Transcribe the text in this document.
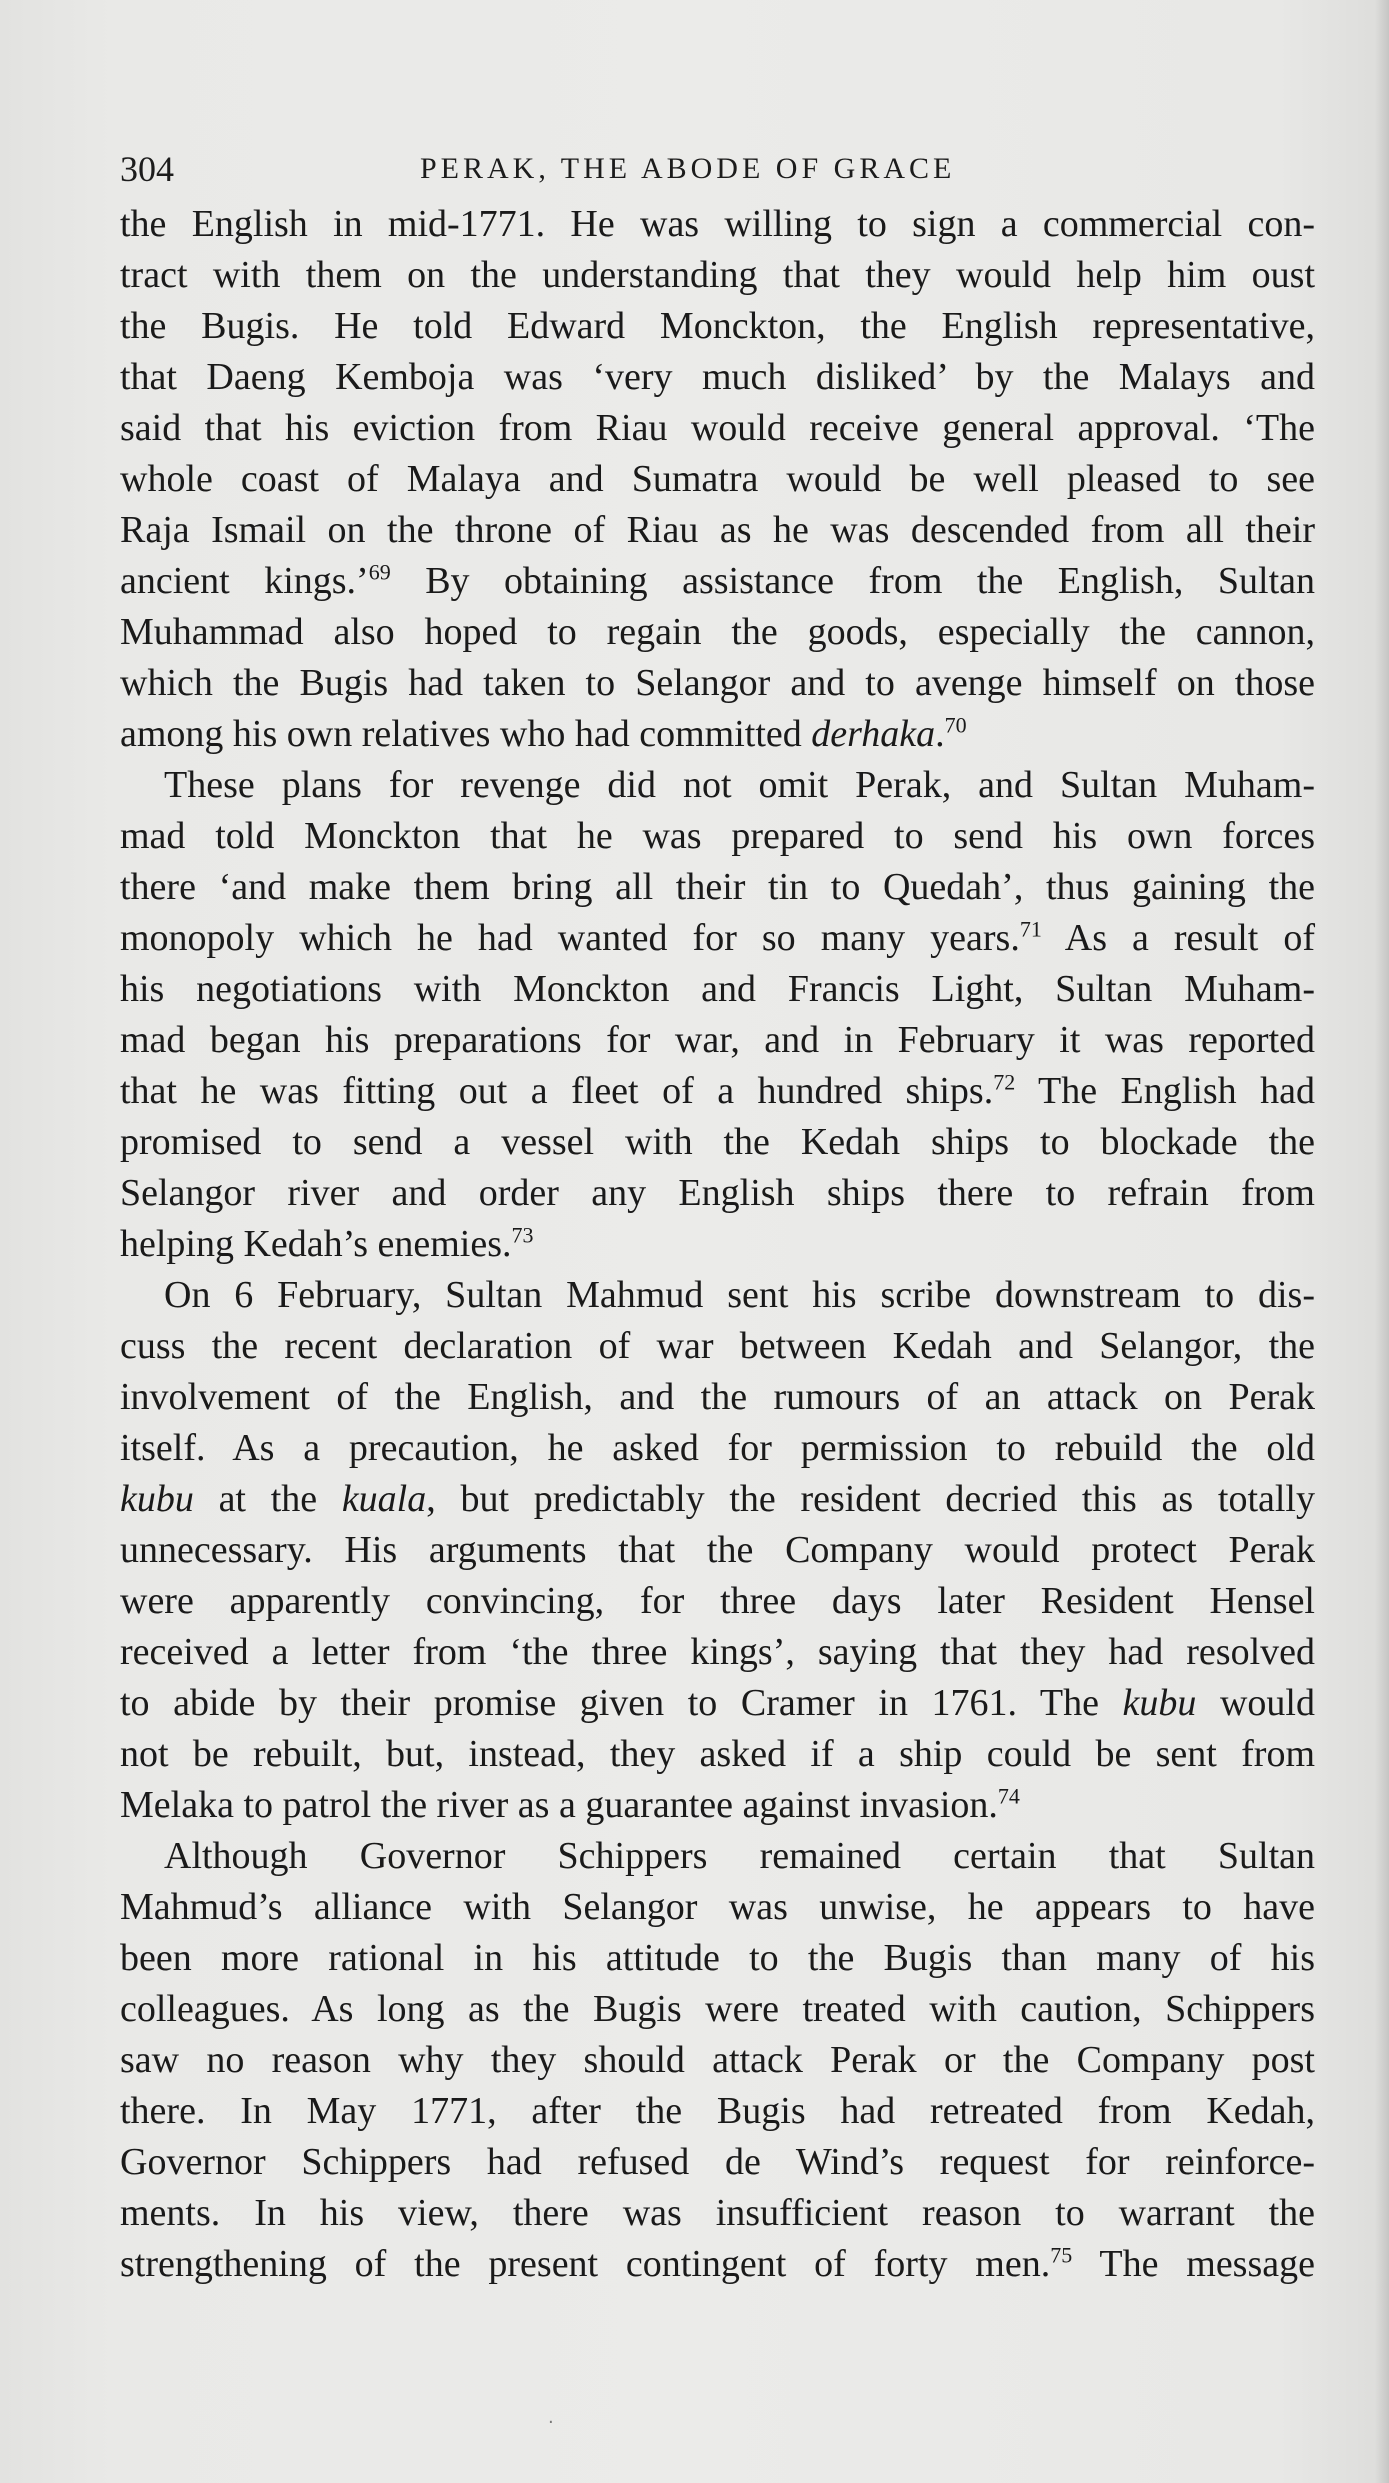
304	PERAK, THE ABODE OF GRACE
the English in mid-1771. He was willing to sign a commercial con-
tract with them on the understanding that they would help him oust
the Bugis. He told Edward Monckton, the English representative,
that Daeng Kemboja was ‘very much disliked’ by the Malays and
said that his eviction from Riau would receive general approval. ‘The
whole coast of Malaya and Sumatra would be well pleased to see
Raja Ismail on the throne of Riau as he was descended from all their
ancient kings.’$^{69}$ By obtaining assistance from the English, Sultan
Muhammad also hoped to regain the goods, especially the cannon,
which the Bugis had taken to Selangor and to avenge himself on those
among his own relatives who had committed derhaka.$^{70}$
These plans for revenge did not omit Perak, and Sultan Muham-
mad told Monckton that he was prepared to send his own forces
there ‘and make them bring all their tin to Quedah’, thus gaining the
monopoly which he had wanted for so many years.$^{71}$ As a result of
his negotiations with Monckton and Francis Light, Sultan Muham-
mad began his preparations for war, and in February it was reported
that he was fitting out a fleet of a hundred ships.$^{72}$ The English had
promised to send a vessel with the Kedah ships to blockade the
Selangor river and order any English ships there to refrain from
helping Kedah’s enemies.$^{73}$
On 6 February, Sultan Mahmud sent his scribe downstream to dis-
cuss the recent declaration of war between Kedah and Selangor, the
involvement of the English, and the rumours of an attack on Perak
itself. As a precaution, he asked for permission to rebuild the old
kubu at the kuala, but predictably the resident decried this as totally
unnecessary. His arguments that the Company would protect Perak
were apparently convincing, for three days later Resident Hensel
received a letter from ‘the three kings’, saying that they had resolved
to abide by their promise given to Cramer in 1761. The kubu would
not be rebuilt, but, instead, they asked if a ship could be sent from
Melaka to patrol the river as a guarantee against invasion.$^{74}$
Although Governor Schippers remained certain that Sultan
Mahmud’s alliance with Selangor was unwise, he appears to have
been more rational in his attitude to the Bugis than many of his
colleagues. As long as the Bugis were treated with caution, Schippers
saw no reason why they should attack Perak or the Company post
there. In May 1771, after the Bugis had retreated from Kedah,
Governor Schippers had refused de Wind’s request for reinforce-
ments. In his view, there was insufficient reason to warrant the
strengthening of the present contingent of forty men.$^{75}$ The message
·
